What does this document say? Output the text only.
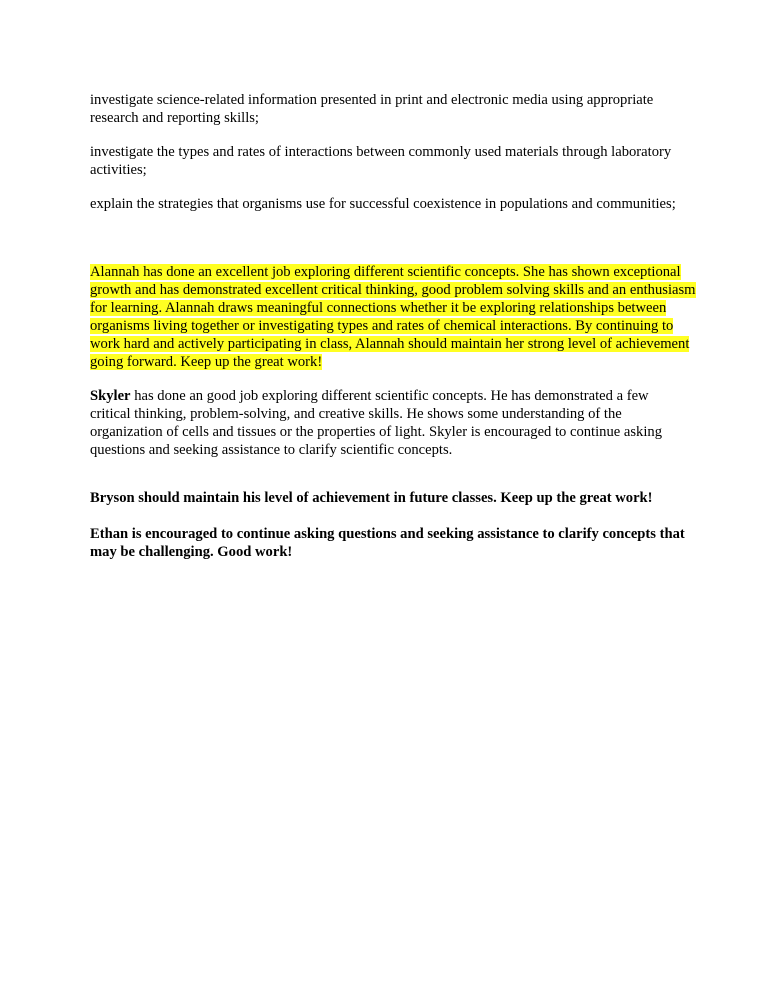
investigate science-related information presented in print and electronic media using appropriate research and reporting skills;

investigate the types and rates of interactions between commonly used materials through laboratory activities;

explain the strategies that organisms use for successful coexistence in populations and communities;

Alannah has done an excellent job exploring different scientific concepts. She has shown exceptional growth and has demonstrated excellent critical thinking, good problem solving skills and an enthusiasm for learning. Alannah draws meaningful connections whether it be exploring relationships between organisms living together or investigating types and rates of chemical interactions. By continuing to work hard and actively participating in class, Alannah should maintain her strong level of achievement going forward. Keep up the great work!

Skyler has done an good job exploring different scientific concepts. He has demonstrated a few critical thinking, problem-solving, and creative skills. He shows some understanding of the organization of cells and tissues or the properties of light. Skyler is encouraged to continue asking questions and seeking assistance to clarify scientific concepts.

Bryson should maintain his level of achievement in future classes. Keep up the great work!

Ethan is encouraged to continue asking questions and seeking assistance to clarify concepts that may be challenging. Good work!
